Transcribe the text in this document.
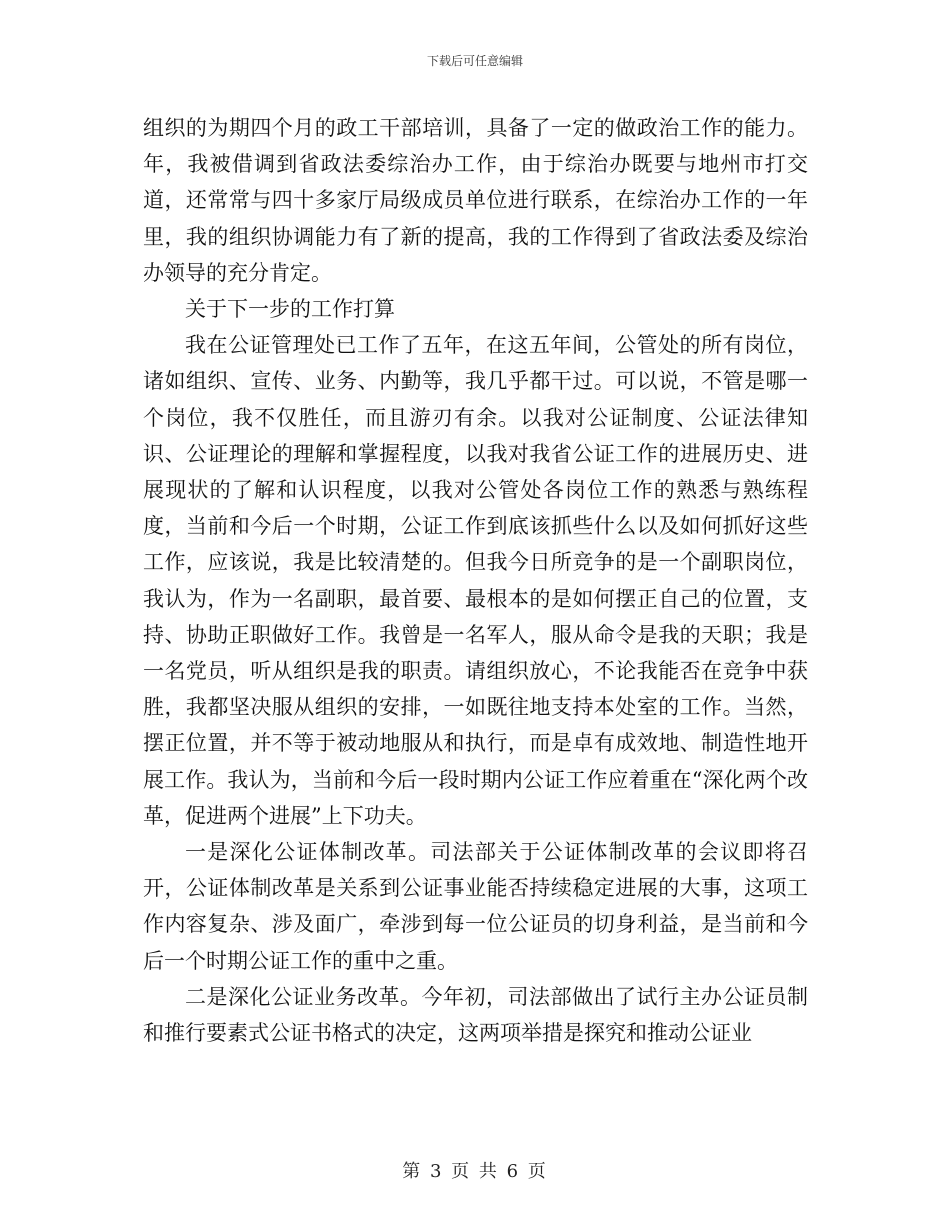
下载后可任意编辑

组织的为期四个月的政工干部培训，具备了一定的做政治工作的能力。年，我被借调到省政法委综治办工作，由于综治办既要与地州市打交道，还常常与四十多家厅局级成员单位进行联系，在综治办工作的一年里，我的组织协调能力有了新的提高，我的工作得到了省政法委及综治办领导的充分肯定。

关于下一步的工作打算

我在公证管理处已工作了五年，在这五年间，公管处的所有岗位，诸如组织、宣传、业务、内勤等，我几乎都干过。可以说，不管是哪一个岗位，我不仅胜任，而且游刃有余。以我对公证制度、公证法律知识、公证理论的理解和掌握程度，以我对我省公证工作的进展历史、进展现状的了解和认识程度，以我对公管处各岗位工作的熟悉与熟练程度，当前和今后一个时期，公证工作到底该抓些什么以及如何抓好这些工作，应该说，我是比较清楚的。但我今日所竞争的是一个副职岗位，我认为，作为一名副职，最首要、最根本的是如何摆正自己的位置，支持、协助正职做好工作。我曾是一名军人，服从命令是我的天职；我是一名党员，听从组织是我的职责。请组织放心，不论我能否在竞争中获胜，我都坚决服从组织的安排，一如既往地支持本处室的工作。当然，摆正位置，并不等于被动地服从和执行，而是卓有成效地、制造性地开展工作。我认为，当前和今后一段时期内公证工作应着重在“深化两个改革，促进两个进展”上下功夫。

一是深化公证体制改革。司法部关于公证体制改革的会议即将召开，公证体制改革是关系到公证事业能否持续稳定进展的大事，这项工作内容复杂、涉及面广，牵涉到每一位公证员的切身利益，是当前和今后一个时期公证工作的重中之重。

二是深化公证业务改革。今年初，司法部做出了试行主办公证员制和推行要素式公证书格式的决定，这两项举措是探究和推动公证业

第 3 页 共 6 页
